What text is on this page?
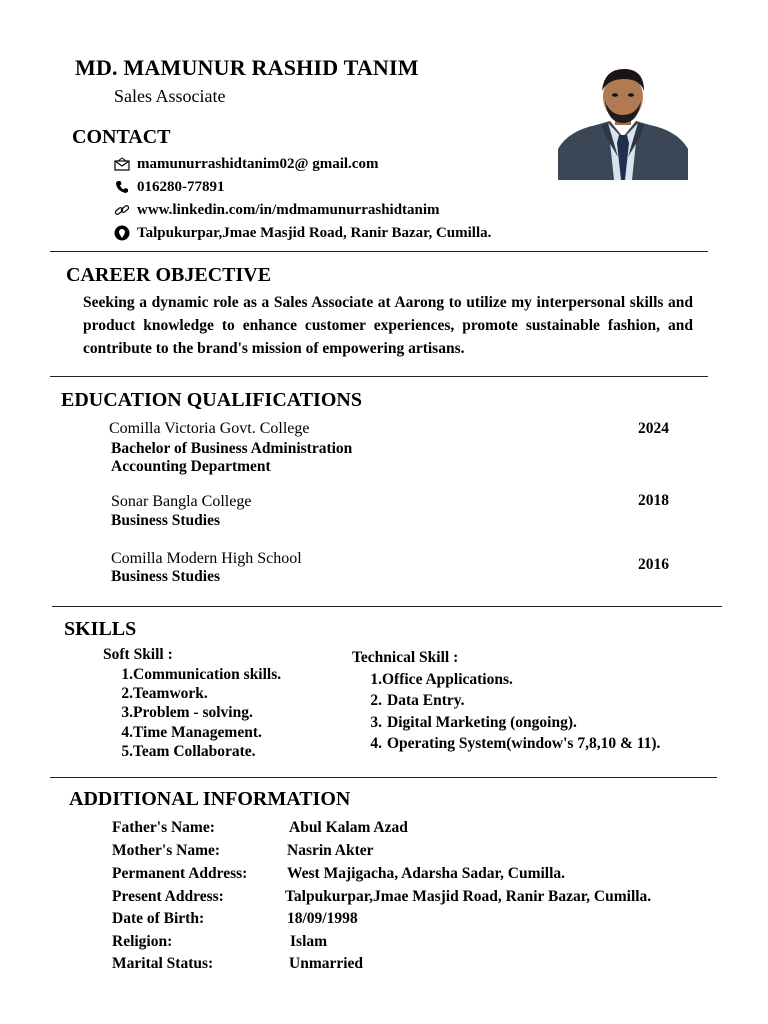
MD. MAMUNUR RASHID TANIM
Sales Associate
CONTACT
mamunurrashidtanim02@ gmail.com
016280-77891
www.linkedin.com/in/mdmamunurrashidtanim
Talpukurpar,Jmae Masjid Road, Ranir Bazar, Cumilla.
CAREER OBJECTIVE
Seeking a dynamic role as a Sales Associate at Aarong to utilize my interpersonal skills and product knowledge to enhance customer experiences, promote sustainable fashion, and contribute to the brand's mission of empowering artisans.
EDUCATION QUALIFICATIONS
Comilla Victoria Govt. College
Bachelor of Business Administration
Accounting Department
2024
Sonar Bangla College
Business Studies
2018
Comilla Modern High School
Business Studies
2016
SKILLS
Soft Skill :
1. Communication skills.
2. Teamwork.
3. Problem - solving.
4. Time Management.
5. Team Collaborate.
Technical Skill :
1. Office Applications.
2. Data Entry.
3. Digital Marketing (ongoing).
4. Operating System(window's 7,8,10 & 11).
ADDITIONAL INFORMATION
Father's Name:	Abul Kalam Azad
Mother's Name:	Nasrin Akter
Permanent Address:	West Majigacha, Adarsha Sadar, Cumilla.
Present Address:	Talpukurpar,Jmae Masjid Road, Ranir Bazar, Cumilla.
Date of Birth:	18/09/1998
Religion:	Islam
Marital Status:	Unmarried
